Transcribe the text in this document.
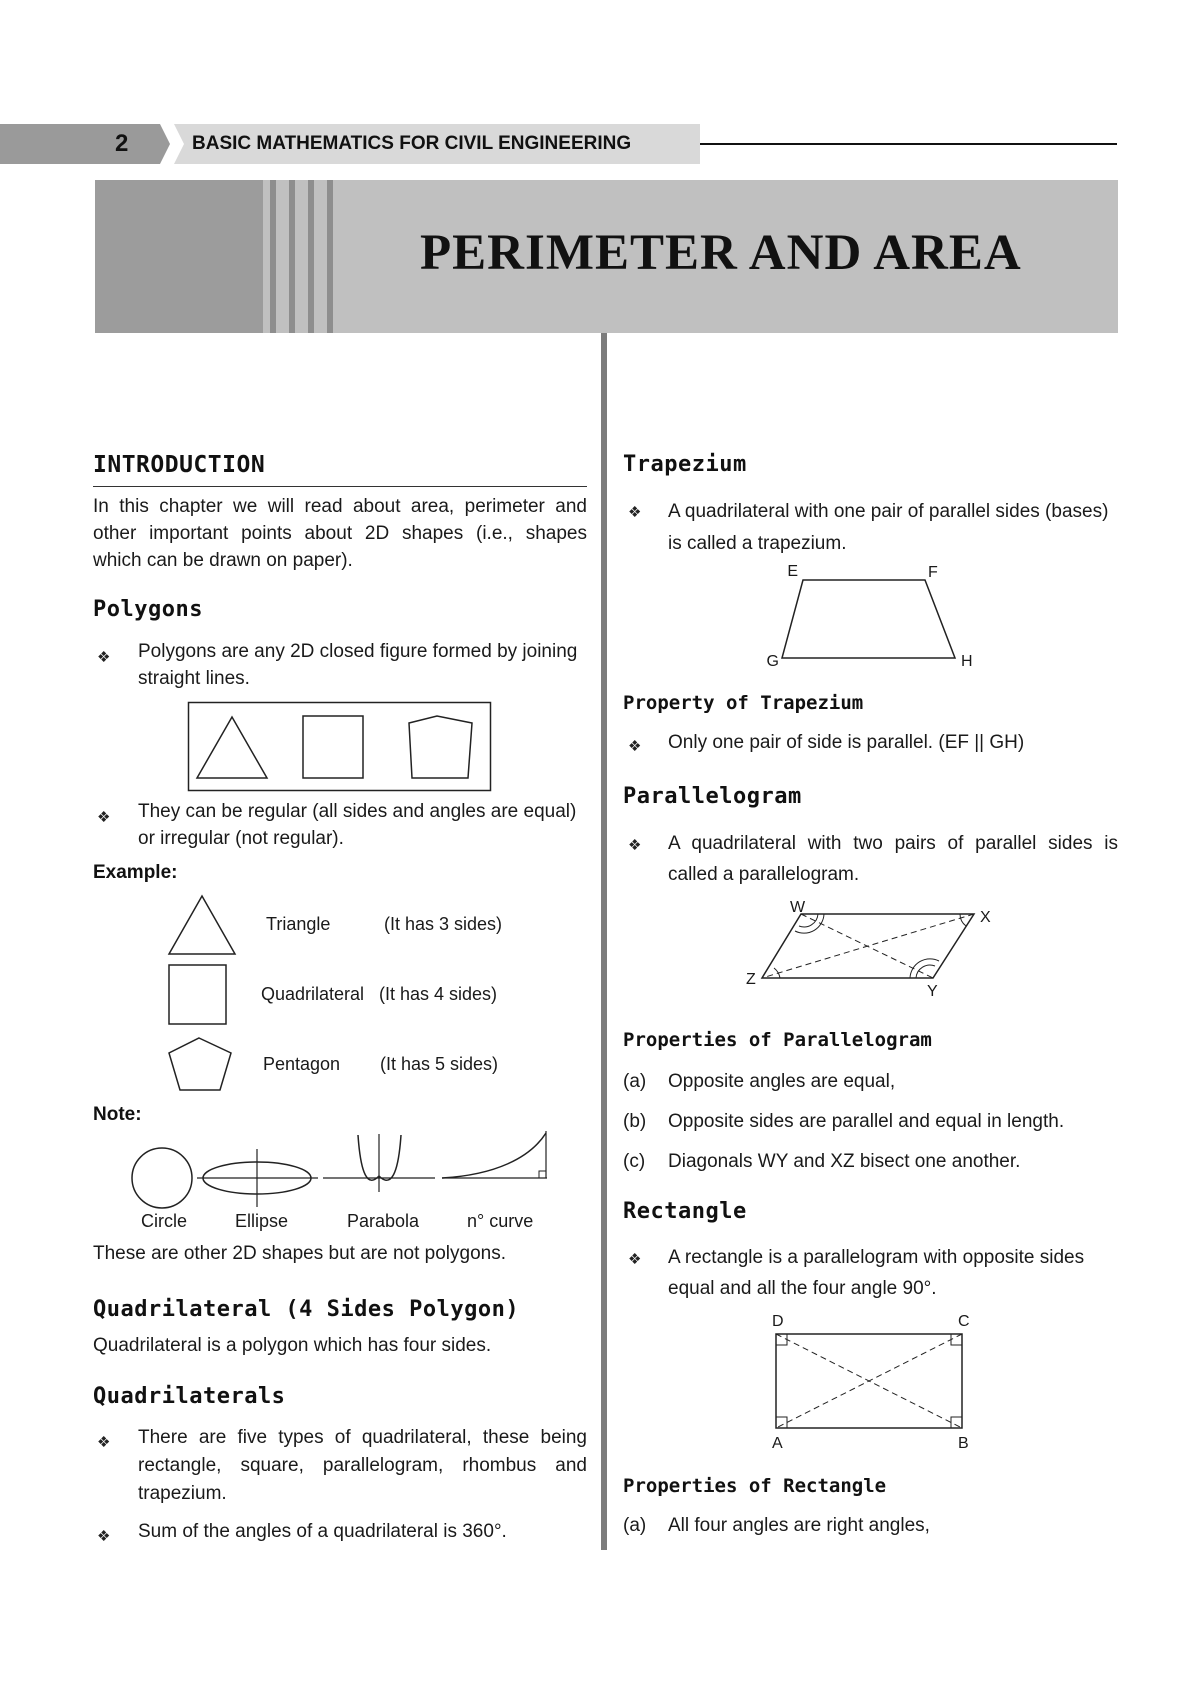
2	BASIC MATHEMATICS FOR CIVIL ENGINEERING
PERIMETER AND AREA
INTRODUCTION
In this chapter we will read about area, perimeter and other important points about 2D shapes (i.e., shapes which can be drawn on paper).
Polygons
❖ Polygons are any 2D closed figure formed by joining straight lines.
❖ They can be regular (all sides and angles are equal) or irregular (not regular).
Example:
Triangle	(It has 3 sides)
Quadrilateral (It has 4 sides)
Pentagon (It has 5 sides)
Note:
Circle	Ellipse	Parabola	n° curve
These are other 2D shapes but are not polygons.
Quadrilateral (4 Sides Polygon)
Quadrilateral is a polygon which has four sides.
Quadrilaterals
❖ There are five types of quadrilateral, these being rectangle, square, parallelogram, rhombus and trapezium.
❖ Sum of the angles of a quadrilateral is 360°.
Trapezium
❖ A quadrilateral with one pair of parallel sides (bases) is called a trapezium.
E	F
G	H
Property of Trapezium
❖ Only one pair of side is parallel. (EF || GH)
Parallelogram
❖ A quadrilateral with two pairs of parallel sides is called a parallelogram.
W
X
Y
Z
Properties of Parallelogram
(a) Opposite angles are equal,
(b) Opposite sides are parallel and equal in length.
(c) Diagonals WY and XZ bisect one another.
Rectangle
❖ A rectangle is a parallelogram with opposite sides equal and all the four angle 90°.
D	C
A	B
Properties of Rectangle
(a) All four angles are right angles,
